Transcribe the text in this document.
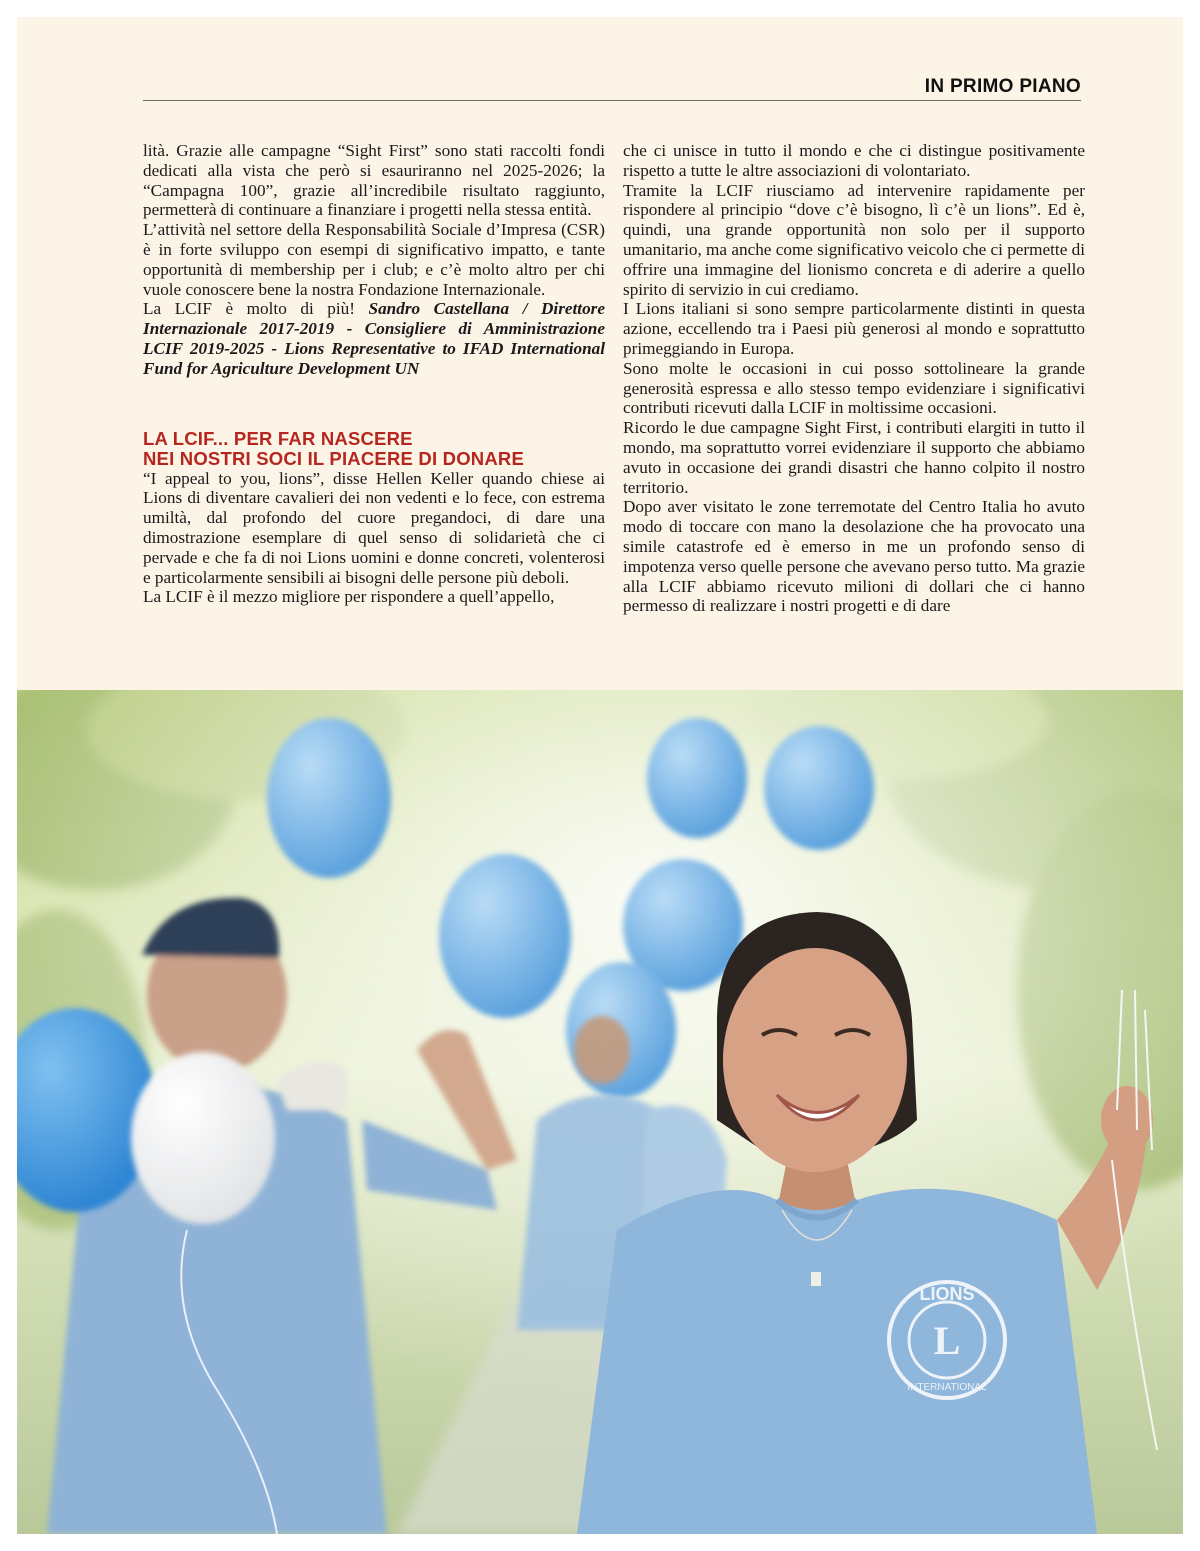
IN PRIMO PIANO

lità. Grazie alle campagne “Sight First” sono stati raccolti fondi dedicati alla vista che però si esauriranno nel 2025-2026; la “Campagna 100”, grazie all’incredibile risultato raggiunto, permetterà di continuare a finanziare i progetti nella stessa entità.

L’attività nel settore della Responsabilità Sociale d’Impresa (CSR) è in forte sviluppo con esempi di significativo impatto, e tante opportunità di membership per i club; e c’è molto altro per chi vuole conoscere bene la nostra Fondazione Internazionale.

La LCIF è molto di più! Sandro Castellana / Direttore Internazionale 2017-2019 - Consigliere di Amministrazione LCIF 2019-2025 - Lions Representative to IFAD International Fund for Agriculture Development UN

LA LCIF... PER FAR NASCERE
NEI NOSTRI SOCI IL PIACERE DI DONARE

“I appeal to you, lions”, disse Hellen Keller quando chiese ai Lions di diventare cavalieri dei non vedenti e lo fece, con estrema umiltà, dal profondo del cuore pregandoci, di dare una dimostrazione esemplare di quel senso di solidarietà che ci pervade e che fa di noi Lions uomini e donne concreti, volenterosi e particolarmente sensibili ai bisogni delle persone più deboli.

La LCIF è il mezzo migliore per rispondere a quell’appello,

che ci unisce in tutto il mondo e che ci distingue positivamente rispetto a tutte le altre associazioni di volontariato.

Tramite la LCIF riusciamo ad intervenire rapidamente per rispondere al principio “dove c’è bisogno, lì c’è un lions”. Ed è, quindi, una grande opportunità non solo per il supporto umanitario, ma anche come significativo veicolo che ci permette di offrire una immagine del lionismo concreta e di aderire a quello spirito di servizio in cui crediamo.

I Lions italiani si sono sempre particolarmente distinti in questa azione, eccellendo tra i Paesi più generosi al mondo e soprattutto primeggiando in Europa.

Sono molte le occasioni in cui posso sottolineare la grande generosità espressa e allo stesso tempo evidenziare i significativi contributi ricevuti dalla LCIF in moltissime occasioni.

Ricordo le due campagne Sight First, i contributi elargiti in tutto il mondo, ma soprattutto vorrei evidenziare il supporto che abbiamo avuto in occasione dei grandi disastri che hanno colpito il nostro territorio.

Dopo aver visitato le zone terremotate del Centro Italia ho avuto modo di toccare con mano la desolazione che ha provocato una simile catastrofe ed è emerso in me un profondo senso di impotenza verso quelle persone che avevano perso tutto. Ma grazie alla LCIF abbiamo ricevuto milioni di dollari che ci hanno permesso di realizzare i nostri progetti e di dare

LIONS
L
INTERNATIONAL
